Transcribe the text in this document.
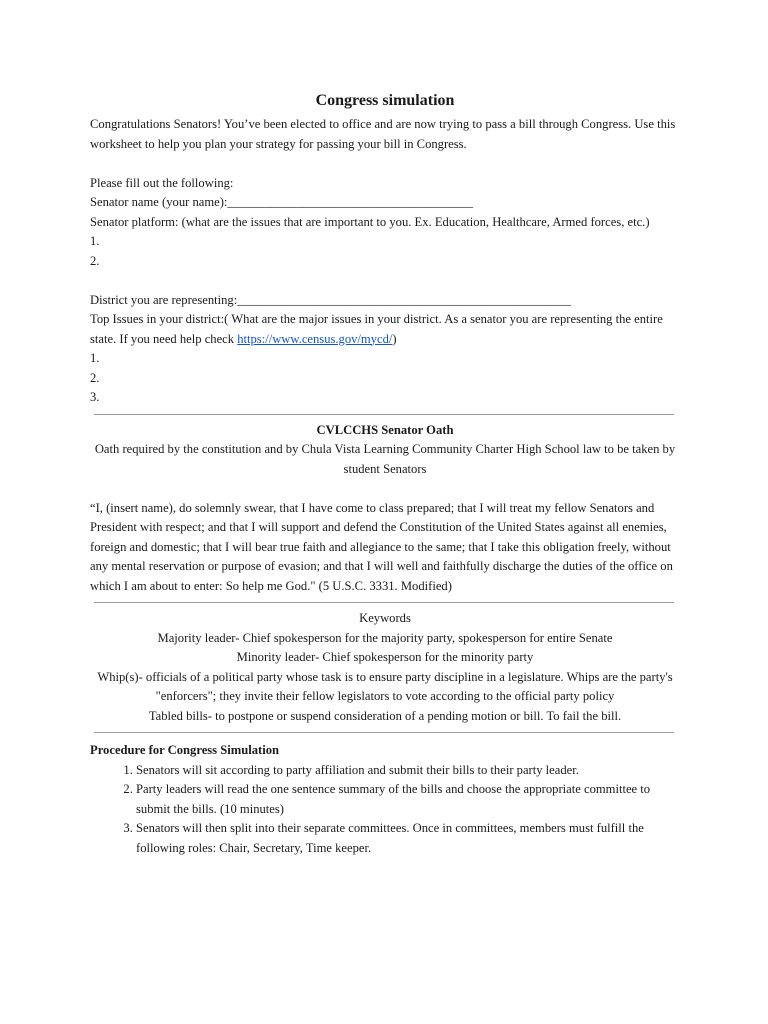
Congress simulation

Congratulations Senators! You’ve been elected to office and are now trying to pass a bill through Congress. Use this worksheet to help you plan your strategy for passing your bill in Congress.

Please fill out the following:

Senator name (your name):_______________________________________

Senator platform: (what are the issues that are important to you. Ex. Education, Healthcare, Armed forces, etc.)

1.

2.

District you are representing:_____________________________________________________

Top Issues in your district:( What are the major issues in your district. As a senator you are representing the entire state. If you need help check https://www.census.gov/mycd/)

1.

2.

3.

CVLCCHS Senator Oath

Oath required by the constitution and by Chula Vista Learning Community Charter High School law to be taken by student Senators

“I, (insert name), do solemnly swear, that I have come to class prepared; that I will treat my fellow Senators and President with respect; and that I will support and defend the Constitution of the United States against all enemies, foreign and domestic; that I will bear true faith and allegiance to the same; that I take this obligation freely, without any mental reservation or purpose of evasion; and that I will well and faithfully discharge the duties of the office on which I am about to enter: So help me God." (5 U.S.C. 3331. Modified)

Keywords

Majority leader- Chief spokesperson for the majority party, spokesperson for entire Senate

Minority leader- Chief spokesperson for the minority party

Whip(s)- officials of a political party whose task is to ensure party discipline in a legislature. Whips are the party's "enforcers"; they invite their fellow legislators to vote according to the official party policy

Tabled bills- to postpone or suspend consideration of a pending motion or bill. To fail the bill.

Procedure for Congress Simulation

1. Senators will sit according to party affiliation and submit their bills to their party leader.
2. Party leaders will read the one sentence summary of the bills and choose the appropriate committee to submit the bills. (10 minutes)
3. Senators will then split into their separate committees. Once in committees, members must fulfill the following roles: Chair, Secretary, Time keeper.
